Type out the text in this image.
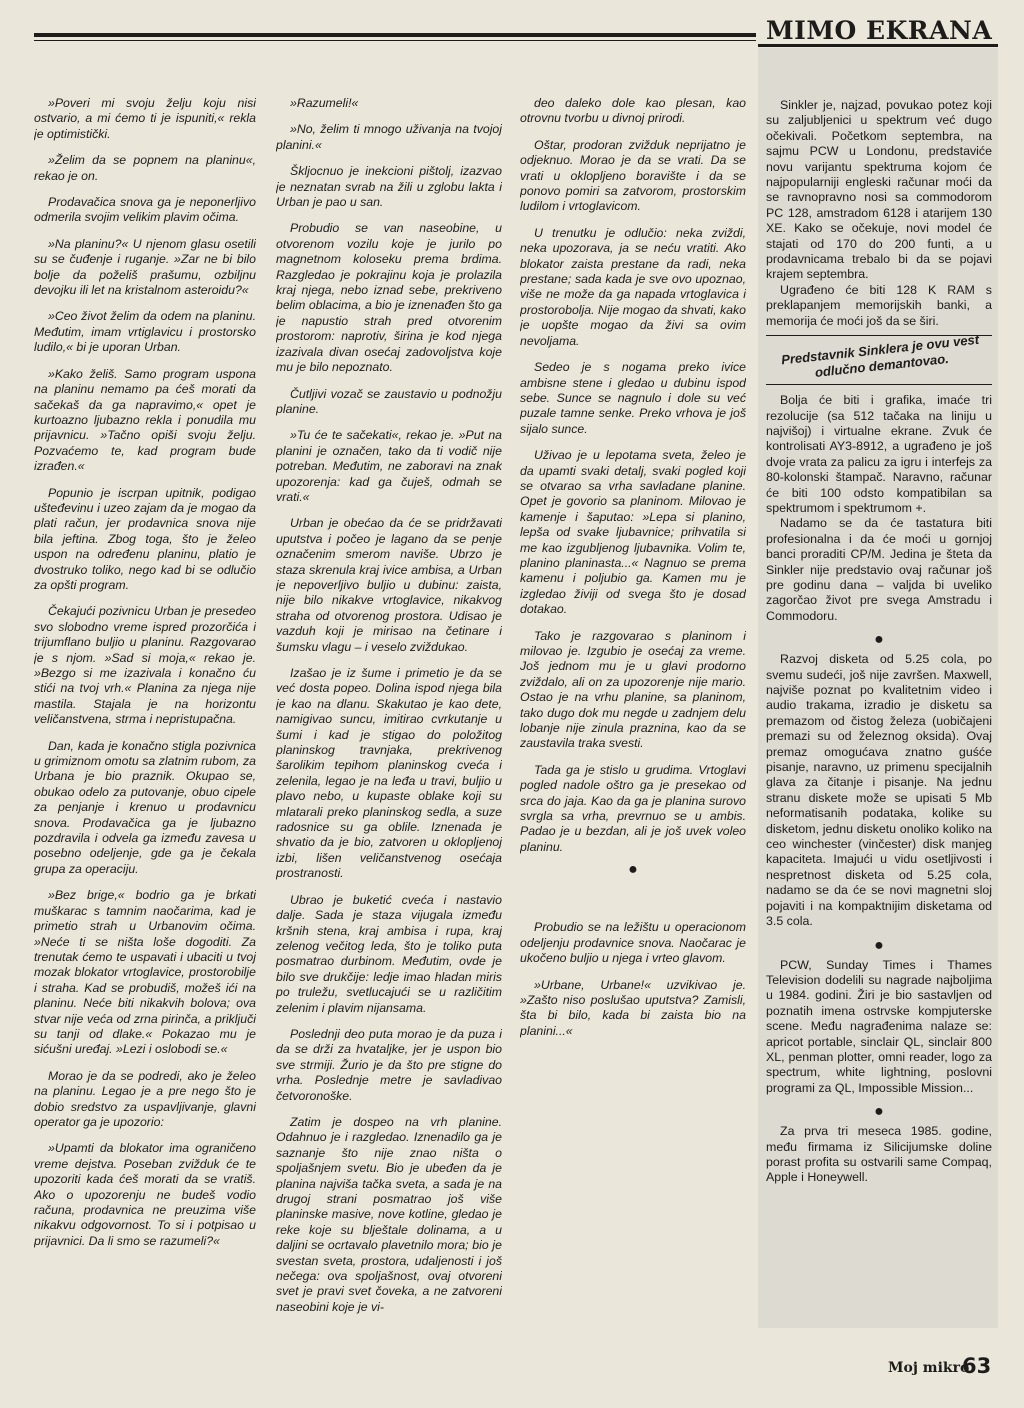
MIMO EKRANA

»Poveri mi svoju želju koju nisi ostvario, a mi ćemo ti je ispuniti,« rekla je optimistički.

»Želim da se popnem na planinu«, rekao je on.

Prodavačica snova ga je neponerljivo odmerila svojim velikim plavim očima.

»Na planinu?« U njenom glasu osetili su se čuđenje i ruganje. »Zar ne bi bilo bolje da poželiš prašumu, ozbiljnu devojku ili let na kristalnom asteroidu?«

»Ceo život želim da odem na planinu. Međutim, imam vrtiglavicu i prostorsko ludilo,« bi je uporan Urban.

»Kako želiš. Samo program uspona na planinu nemamo pa ćeš morati da sačekaš da ga napravimo,« opet je kurtoazno ljubazno rekla i ponudila mu prijavnicu. »Tačno opiši svoju želju. Pozvaćemo te, kad program bude izrađen.«

Popunio je iscrpan upitnik, podigao ušteđevinu i uzeo zajam da je mogao da plati račun, jer prodavnica snova nije bila jeftina. Zbog toga, što je želeo uspon na određenu planinu, platio je dvostruko toliko, nego kad bi se odlučio za opšti program.

Čekajući pozivnicu Urban je presedeo svo slobodno vreme ispred prozorčića i trijumflano buljio u planinu. Razgovarao je s njom. »Sad si moja,« rekao je. »Bezgo si me izazivala i konačno ću stići na tvoj vrh.« Planina za njega nije mastila. Stajala je na horizontu veličanstvena, strma i nepristupačna.

Dan, kada je konačno stigla pozivnica u grimiznom omotu sa zlatnim rubom, za Urbana je bio praznik. Okupao se, obukao odelo za putovanje, obuo cipele za penjanje i krenuo u prodavnicu snova. Prodavačica ga je ljubazno pozdravila i odvela ga između zavesa u posebno odeljenje, gde ga je čekala grupa za operaciju.

»Bez brige,« bodrio ga je brkati muškarac s tamnim naočarima, kad je primetio strah u Urbanovim očima. »Neće ti se ništa loše dogoditi. Za trenutak ćemo te uspavati i ubaciti u tvoj mozak blokator vrtoglavice, prostorobilje i straha. Kad se probudiš, možeš ići na planinu. Neće biti nikakvih bolova; ova stvar nije veća od zrna pirinča, a priključi su tanji od dlake.« Pokazao mu je sićušni uređaj. »Lezi i oslobodi se.«

Morao je da se podredi, ako je želeo na planinu. Legao je a pre nego što je dobio sredstvo za uspavljivanje, glavni operator ga je upozorio:

»Upamti da blokator ima ograničeno vreme dejstva. Poseban zvižduk će te upozoriti kada ćeš morati da se vratiš. Ako o upozorenju ne budeš vodio računa, prodavnica ne preuzima više nikakvu odgovornost. To si i potpisao u prijavnici. Da li smo se razumeli?«

»Razumeli!«

»No, želim ti mnogo uživanja na tvojoj planini.«

Škljocnuo je inekcioni pištolj, izazvao je neznatan svrab na žili u zglobu lakta i Urban je pao u san.

Probudio se van naseobine, u otvorenom vozilu koje je jurilo po magnetnom koloseku prema brdima. Razgledao je pokrajinu koja je prolazila kraj njega, nebo iznad sebe, prekriveno belim oblacima, a bio je iznenađen što ga je napustio strah pred otvorenim prostorom: naprotiv, širina je kod njega izazivala divan osećaj zadovoljstva koje mu je bilo nepoznato.

Čutljivi vozač se zaustavio u podnožju planine.

»Tu će te sačekati«, rekao je. »Put na planini je označen, tako da ti vodič nije potreban. Međutim, ne zaboravi na znak upozorenja: kad ga čuješ, odmah se vrati.«

Urban je obećao da će se pridržavati uputstva i počeo je lagano da se penje označenim smerom naviše. Ubrzo je staza skrenula kraj ivice ambisa, a Urban je nepoverljivo buljio u dubinu: zaista, nije bilo nikakve vrtoglavice, nikakvog straha od otvorenog prostora. Udisao je vazduh koji je mirisao na četinare i šumsku vlagu – i veselo zviždukao.

Izašao je iz šume i primetio je da se već dosta popeo. Dolina ispod njega bila je kao na dlanu. Skakutao je kao dete, namigivao suncu, imitirao cvrkutanje u šumi i kad je stigao do položitog planinskog travnjaka, prekrivenog šarolikim tepihom planinskog cveća i zelenila, legao je na leđa u travi, buljio u plavo nebo, u kupaste oblake koji su mlatarali preko planinskog sedla, a suze radosnice su ga oblile. Iznenada je shvatio da je bio, zatvoren u oklopljenoj izbi, lišen veličanstvenog osećaja prostranosti.

Ubrao je buketić cveća i nastavio dalje. Sada je staza vijugala između kršnih stena, kraj ambisa i rupa, kraj zelenog večitog leda, što je toliko puta posmatrao durbinom. Međutim, ovde je bilo sve drukčije: ledje imao hladan miris po truležu, svetlucajući se u različitim zelenim i plavim nijansama.

Poslednji deo puta morao je da puza i da se drži za hvataljke, jer je uspon bio sve strmiji. Žurio je da što pre stigne do vrha. Poslednje metre je savladivao četvoronoške.

Zatim je dospeo na vrh planine. Odahnuo je i razgledao. Iznenadilo ga je saznanje što nije znao ništa o spoljašnjem svetu. Bio je ubeđen da je planina najviša tačka sveta, a sada je na drugoj strani posmatrao još više planinske masive, nove kotline, gledao je reke koje su blještale dolinama, a u daljini se ocrtavalo plavetnilo mora; bio je svestan sveta, prostora, udaljenosti i još nečega: ova spoljašnost, ovaj otvoreni svet je pravi svet čoveka, a ne zatvoreni naseobini koje je vi-

deo daleko dole kao plesan, kao otrovnu tvorbu u divnoj prirodi.

Oštar, prodoran zvižduk neprijatno je odjeknuo. Morao je da se vrati. Da se vrati u oklopljeno boravište i da se ponovo pomiri sa zatvorom, prostorskim ludilom i vrtoglavicom.

U trenutku je odlučio: neka zviždi, neka upozorava, ja se neću vratiti. Ako blokator zaista prestane da radi, neka prestane; sada kada je sve ovo upoznao, više ne može da ga napada vrtoglavica i prostorobolja. Nije mogao da shvati, kako je uopšte mogao da živi sa ovim nevoljama.

Sedeo je s nogama preko ivice ambisne stene i gledao u dubinu ispod sebe. Sunce se nagnulo i dole su već puzale tamne senke. Preko vrhova je još sijalo sunce.

Uživao je u lepotama sveta, želeo je da upamti svaki detalj, svaki pogled koji se otvarao sa vrha savladane planine. Opet je govorio sa planinom. Milovao je kamenje i šaputao: »Lepa si planino, lepša od svake ljubavnice; prihvatila si me kao izgubljenog ljubavnika. Volim te, planino planinasta...« Nagnuo se prema kamenu i poljubio ga. Kamen mu je izgledao živiji od svega što je dosad dotakao.

Tako je razgovarao s planinom i milovao je. Izgubio je osećaj za vreme. Još jednom mu je u glavi prodorno zviždalo, ali on za upozorenje nije mario. Ostao je na vrhu planine, sa planinom, tako dugo dok mu negde u zadnjem delu lobanje nije zinula praznina, kao da se zaustavila traka svesti.

Tada ga je stislo u grudima. Vrtoglavi pogled nadole oštro ga je presekao od srca do jaja. Kao da ga je planina surovo svrgla sa vrha, prevrnuo se u ambis. Padao je u bezdan, ali je još uvek voleo planinu.

●

Probudio se na ležištu u operacionom odeljenju prodavnice snova. Naočarac je ukočeno buljio u njega i vrteo glavom.

»Urbane, Urbane!« uzvikivao je. »Zašto niso poslušao uputstva? Zamisli, šta bi bilo, kada bi zaista bio na planini...«

Sinkler je, najzad, povukao potez koji su zaljubljenici u spektrum već dugo očekivali. Početkom septembra, na sajmu PCW u Londonu, predstaviće novu varijantu spektruma kojom će najpopularniji engleski računar moći da se ravnopravno nosi sa commodorom PC 128, amstradom 6128 i atarijem 130 XE. Kako se očekuje, novi model će stajati od 170 do 200 funti, a u prodavnicama trebalo bi da se pojavi krajem septembra.

Ugrađeno će biti 128 K RAM s preklapanjem memorijskih banki, a memorija će moći još da se širi.

Predstavnik Sinklera je ovu vest odlučno demantovao.

Bolja će biti i grafika, imaće tri rezolucije (sa 512 tačaka na liniju u najvišoj) i virtualne ekrane. Zvuk će kontrolisati AY3-8912, a ugrađeno je još dvoje vrata za palicu za igru i interfejs za 80-kolonski štampač. Naravno, računar će biti 100 odsto kompatibilan sa spektrumom i spektrumom +.

Nadamo se da će tastatura biti profesionalna i da će moći u gornjoj banci proraditi CP/M. Jedina je šteta da Sinkler nije predstavio ovaj računar još pre godinu dana – valjda bi uveliko zagorčao život pre svega Amstradu i Commodoru.

●

Razvoj disketa od 5.25 cola, po svemu sudeći, još nije završen. Maxwell, najviše poznat po kvalitetnim video i audio trakama, izradio je disketu sa premazom od čistog železa (uobičajeni premazi su od železnog oksida). Ovaj premaz omogućava znatno guśće pisanje, naravno, uz primenu specijalnih glava za čitanje i pisanje. Na jednu stranu diskete može se upisati 5 Mb neformatisanih podataka, kolike su disketom, jednu disketu onoliko koliko na ceo winchester (vinčester) disk manjeg kapaciteta. Imajući u vidu osetljivosti i nespretnost disketa od 5.25 cola, nadamo se da će se novi magnetni sloj pojaviti i na kompaktnijim disketama od 3.5 cola.

●

PCW, Sunday Times i Thames Television dodelili su nagrade najboljima u 1984. godini. Žiri je bio sastavljen od poznatih imena ostrvske kompjuterske scene. Među nagrađenima nalaze se: apricot portable, sinclair QL, sinclair 800 XL, penman plotter, omni reader, logo za spectrum, white lightning, poslovni programi za QL, Impossible Mission...

●

Za prva tri meseca 1985. godine, među firmama iz Silicijumske doline porast profita su ostvarili same Compaq, Apple i Honeywell.

Moj mikro
63
